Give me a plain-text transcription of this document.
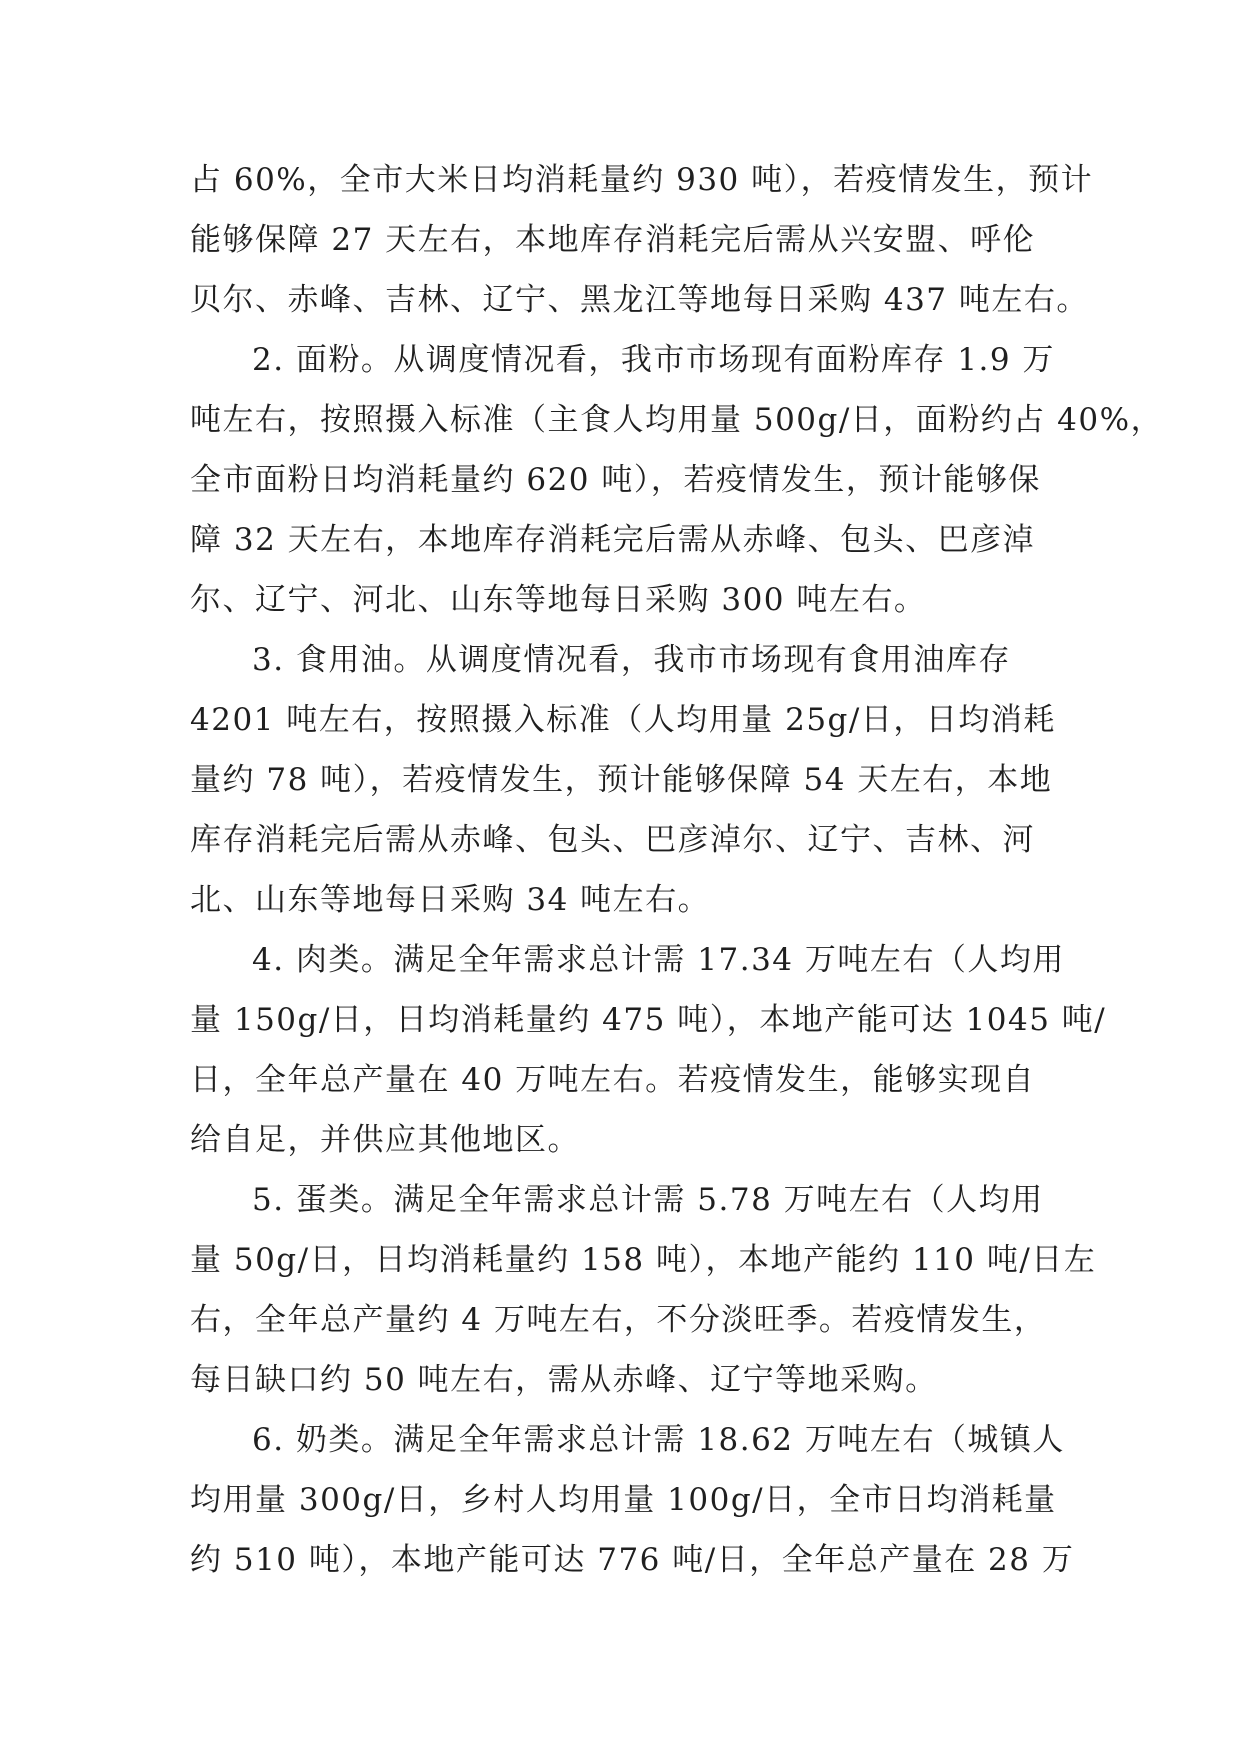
占 60%，全市大米日均消耗量约 930 吨），若疫情发生，预计
能够保障 27 天左右，本地库存消耗完后需从兴安盟、呼伦
贝尔、赤峰、吉林、辽宁、黑龙江等地每日采购 437 吨左右。
2. 面粉。从调度情况看，我市市场现有面粉库存 1.9 万
吨左右，按照摄入标准（主食人均用量 500g/日，面粉约占 40%，
全市面粉日均消耗量约 620 吨），若疫情发生，预计能够保
障 32 天左右，本地库存消耗完后需从赤峰、包头、巴彦淖
尔、辽宁、河北、山东等地每日采购 300 吨左右。
3. 食用油。从调度情况看，我市市场现有食用油库存
4201 吨左右，按照摄入标准（人均用量 25g/日，日均消耗
量约 78 吨），若疫情发生，预计能够保障 54 天左右，本地
库存消耗完后需从赤峰、包头、巴彦淖尔、辽宁、吉林、河
北、山东等地每日采购 34 吨左右。
4. 肉类。满足全年需求总计需 17.34 万吨左右（人均用
量 150g/日，日均消耗量约 475 吨），本地产能可达 1045 吨/
日，全年总产量在 40 万吨左右。若疫情发生，能够实现自
给自足，并供应其他地区。
5. 蛋类。满足全年需求总计需 5.78 万吨左右（人均用
量 50g/日，日均消耗量约 158 吨），本地产能约 110 吨/日左
右，全年总产量约 4 万吨左右，不分淡旺季。若疫情发生，
每日缺口约 50 吨左右，需从赤峰、辽宁等地采购。
6. 奶类。满足全年需求总计需 18.62 万吨左右（城镇人
均用量 300g/日，乡村人均用量 100g/日，全市日均消耗量
约 510 吨），本地产能可达 776 吨/日，全年总产量在 28 万
